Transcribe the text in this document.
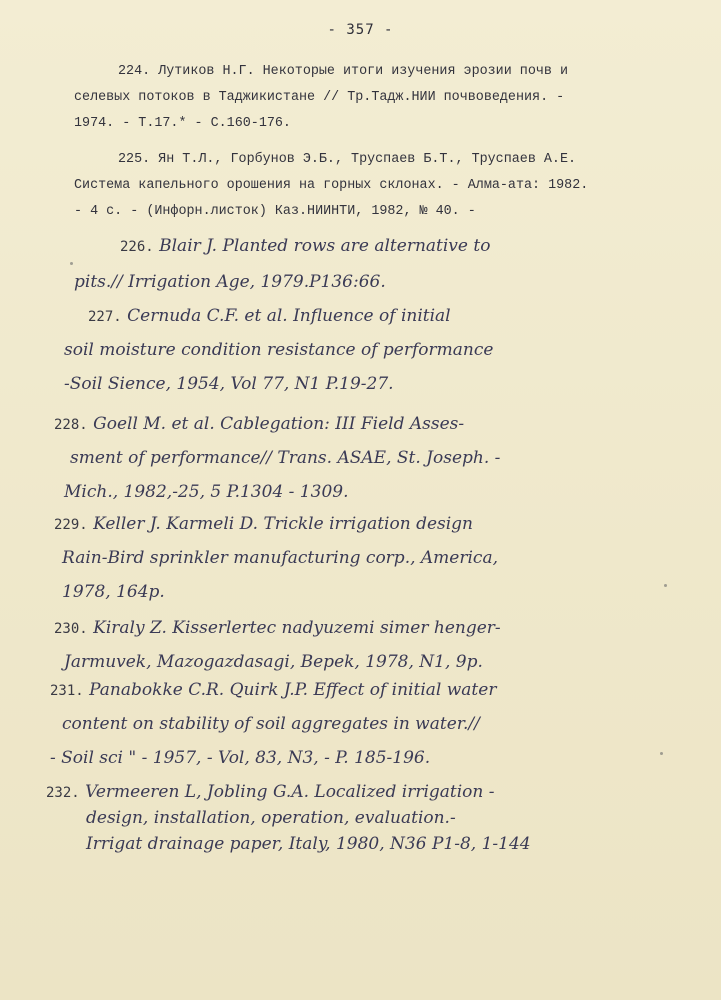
- 357 -
224. Лутиков Н.Г. Некоторые итоги изучения эрозии почв и
селевых потоков в Таджикистане // Тр.Тадж.НИИ почвоведения. -
1974. - Т.17.* - С.160-176.
225. Ян Т.Л., Горбунов Э.Б., Труспаев Б.Т., Труспаев А.Е.
Система капельного орошения на горных склонах. - Алма-ата: 1982.
- 4 с. - (Инфорн.листок) Каз.НИИНТИ, 1982, № 40. -
226. Blair J. Planted rows are alternative to
pits.// Irrigation Age, 1979.P136:66.
227. Cernuda C.F. et al. Influence of initial
soil moisture condition resistance of performance
-Soil Sience, 1954, Vol 77, N1 P.19-27.
228. Goell M. et al. Cablegation: III Field Asses-
sment of performance// Trans. ASAE, St. Joseph. -
Mich., 1982,-25, 5 P.1304 - 1309.
229. Keller J. Karmeli D. Trickle irrigation design
Rain-Bird sprinkler manufacturing corp., America,
1978, 164p.
230. Kiraly Z. Kisserlertec nadyuzemi simer henger-
Jarmuvek, Mazogazdasagi, Bepek, 1978, N1, 9p.
231. Panabokke C.R. Quirk J.P. Effect of initial water
content on stability of soil aggregates in water.//
- Soil sci " - 1957, - Vol, 83, N3, - P. 185-196.
232. Vermeeren L, Jobling G.A. Localized irrigation -
design, installation, operation, evaluation.-
Irrigat drainage paper, Italy, 1980, N36 P1-8, 1-144
